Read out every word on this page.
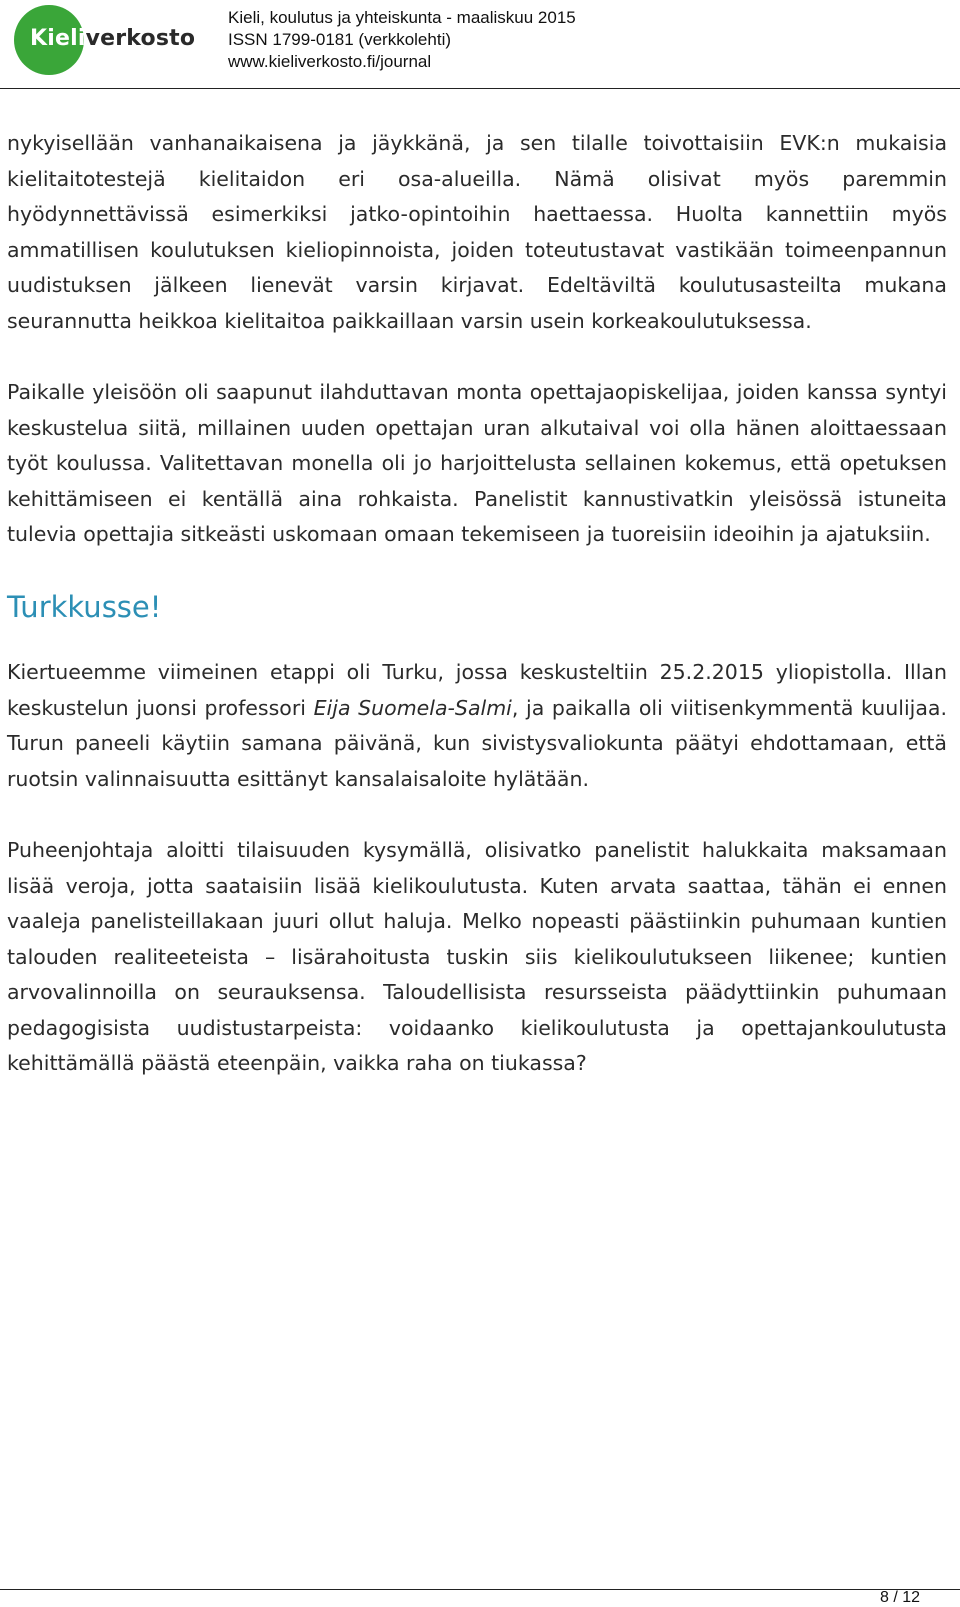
Kieliverkosto
Kieli, koulutus ja yhteiskunta - maaliskuu 2015
ISSN 1799-0181 (verkkolehti)
www.kieliverkosto.fi/journal

nykyisellään vanhanaikaisena ja jäykkänä, ja sen tilalle toivottaisiin EVK:n mukaisia kielitaitotestejä kielitaidon eri osa-alueilla. Nämä olisivat myös paremmin hyödynnettävissä esimerkiksi jatko-opintoihin haettaessa. Huolta kannettiin myös ammatillisen koulutuksen kieliopinnoista, joiden toteutustavat vastikään toimeenpannun uudistuksen jälkeen lienevät varsin kirjavat. Edeltäviltä koulutusasteilta mukana seurannutta heikkoa kielitaitoa paikkaillaan varsin usein korkeakoulutuksessa.

Paikalle yleisöön oli saapunut ilahduttavan monta opettajaopiskelijaa, joiden kanssa syntyi keskustelua siitä, millainen uuden opettajan uran alkutaival voi olla hänen aloittaessaan työt koulussa. Valitettavan monella oli jo harjoittelusta sellainen kokemus, että opetuksen kehittämiseen ei kentällä aina rohkaista. Panelistit kannustivatkin yleisössä istuneita tulevia opettajia sitkeästi uskomaan omaan tekemiseen ja tuoreisiin ideoihin ja ajatuksiin.

Turkkusse!

Kiertueemme viimeinen etappi oli Turku, jossa keskusteltiin 25.2.2015 yliopistolla. Illan keskustelun juonsi professori Eija Suomela-Salmi, ja paikalla oli viitisenkymmentä kuulijaa. Turun paneeli käytiin samana päivänä, kun sivistysvaliokunta päätyi ehdottamaan, että ruotsin valinnaisuutta esittänyt kansalaisaloite hylätään.

Puheenjohtaja aloitti tilaisuuden kysymällä, olisivatko panelistit halukkaita maksamaan lisää veroja, jotta saataisiin lisää kielikoulutusta. Kuten arvata saattaa, tähän ei ennen vaaleja panelisteillakaan juuri ollut haluja. Melko nopeasti päästiinkin puhumaan kuntien talouden realiteeteista – lisärahoitusta tuskin siis kielikoulutukseen liikenee; kuntien arvovalinnoilla on seurauksensa. Taloudellisista resursseista päädyttiinkin puhumaan pedagogisista uudistustarpeista: voidaanko kielikoulutusta ja opettajankoulutusta kehittämällä päästä eteenpäin, vaikka raha on tiukassa?

8 / 12
